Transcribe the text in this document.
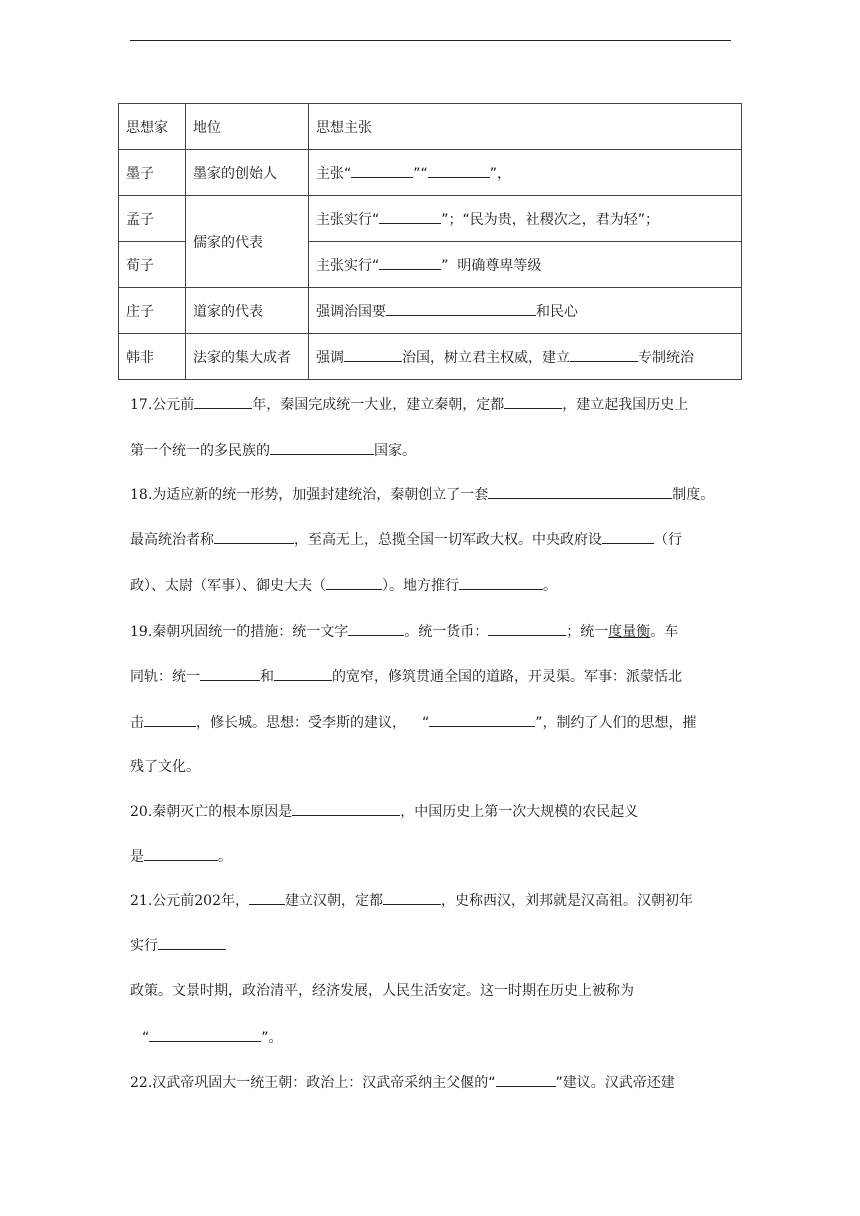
思想家	地位	思想主张
墨子	墨家的创始人	主张“ ”“ ”，
孟子	儒家的代表	主张实行“ ”；“民为贵，社稷次之，君为轻”；
荀子		主张实行“ ”  明确尊卑等级
庄子	道家的代表	强调治国要 和民心
韩非	法家的集大成者	强调 治国，树立君主权威，建立 专制统治
17.公元前	年，秦国完成统一大业，建立秦朝，定都	，建立起我国历史上
第一个统一的多民族的	国家。
18.为适应新的统一形势，加强封建统治，秦朝创立了一套	制度。
最高统治者称	，至高无上，总揽全国一切军政大权。中央政府设	（行
政）、太尉（军事）、御史大夫（	）。地方推行	。
19.秦朝巩固统一的措施：统一文字	。统一货币：	；统一度量衡。车
同轨：统一	和	的宽窄，修筑贯通全国的道路，开灵渠。军事：派蒙恬北
击	，修长城。思想：受李斯的建议， “	”，制约了人们的思想，摧
残了文化。
20.秦朝灭亡的根本原因是	，中国历史上第一次大规模的农民起义
是	。
21.公元前202年，	建立汉朝，定都	，史称西汉，刘邦就是汉高祖。汉朝初年
实行
政策。文景时期，政治清平，经济发展，人民生活安定。这一时期在历史上被称为
“	”。
22.汉武帝巩固大一统王朝：政治上：汉武帝采纳主父偃的“	”建议。汉武帝还建
